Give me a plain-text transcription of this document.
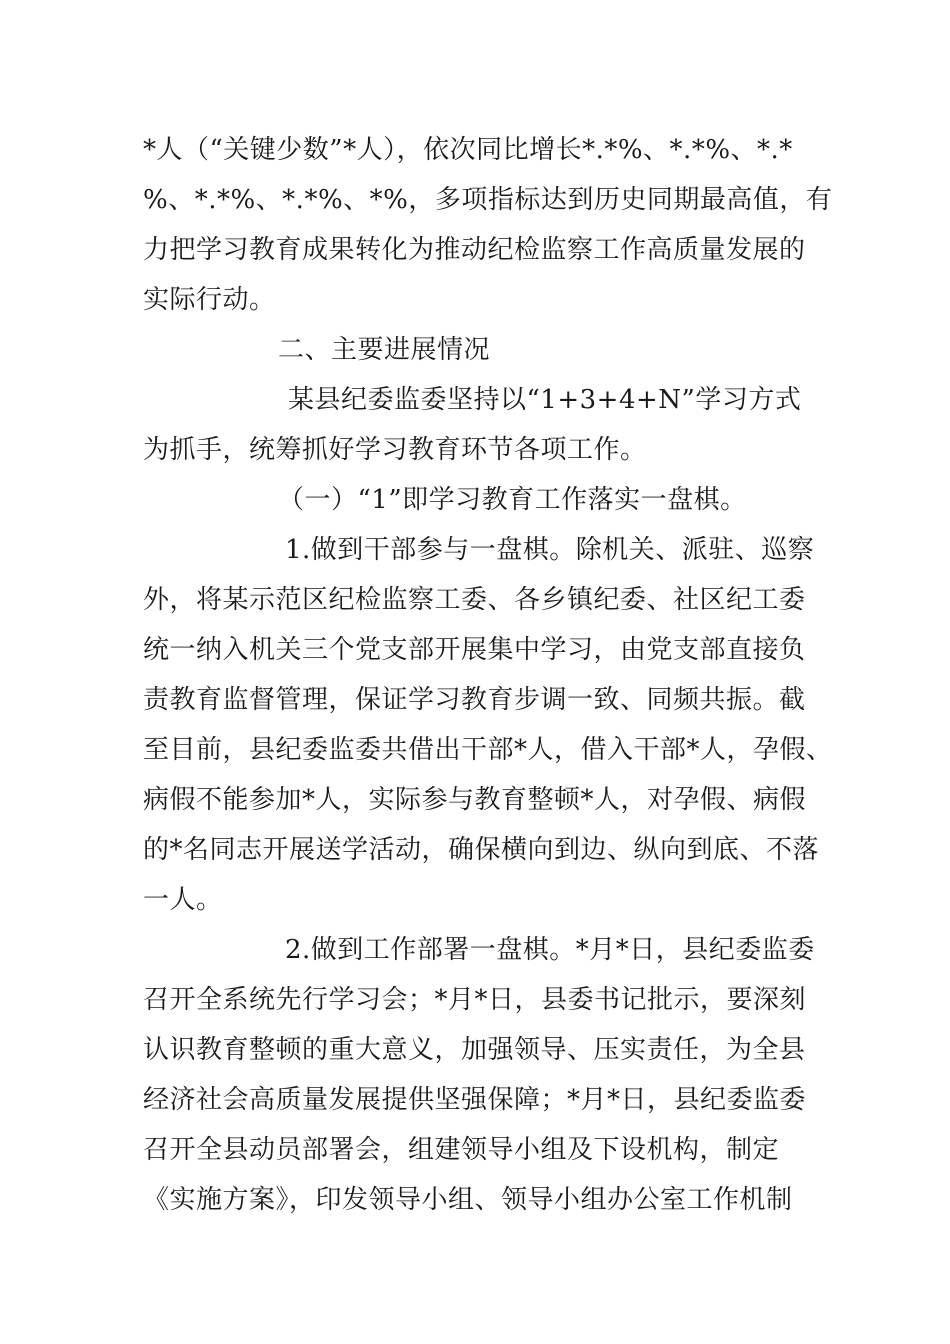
*人（“关键少数”*人），依次同比增长*.*%、*.*%、*.*
%、*.*%、*.*%、*%，多项指标达到历史同期最高值，有
力把学习教育成果转化为推动纪检监察工作高质量发展的
实际行动。
二、主要进展情况
某县纪委监委坚持以“1+3+4+N”学习方式
为抓手，统筹抓好学习教育环节各项工作。
（一）“1”即学习教育工作落实一盘棋。
1.做到干部参与一盘棋。除机关、派驻、巡察
外，将某示范区纪检监察工委、各乡镇纪委、社区纪工委
统一纳入机关三个党支部开展集中学习，由党支部直接负
责教育监督管理，保证学习教育步调一致、同频共振。截
至目前，县纪委监委共借出干部*人，借入干部*人，孕假、
病假不能参加*人，实际参与教育整顿*人，对孕假、病假
的*名同志开展送学活动，确保横向到边、纵向到底、不落
一人。
2.做到工作部署一盘棋。*月*日，县纪委监委
召开全系统先行学习会；*月*日，县委书记批示，要深刻
认识教育整顿的重大意义，加强领导、压实责任，为全县
经济社会高质量发展提供坚强保障；*月*日，县纪委监委
召开全县动员部署会，组建领导小组及下设机构，制定
《实施方案》，印发领导小组、领导小组办公室工作机制
